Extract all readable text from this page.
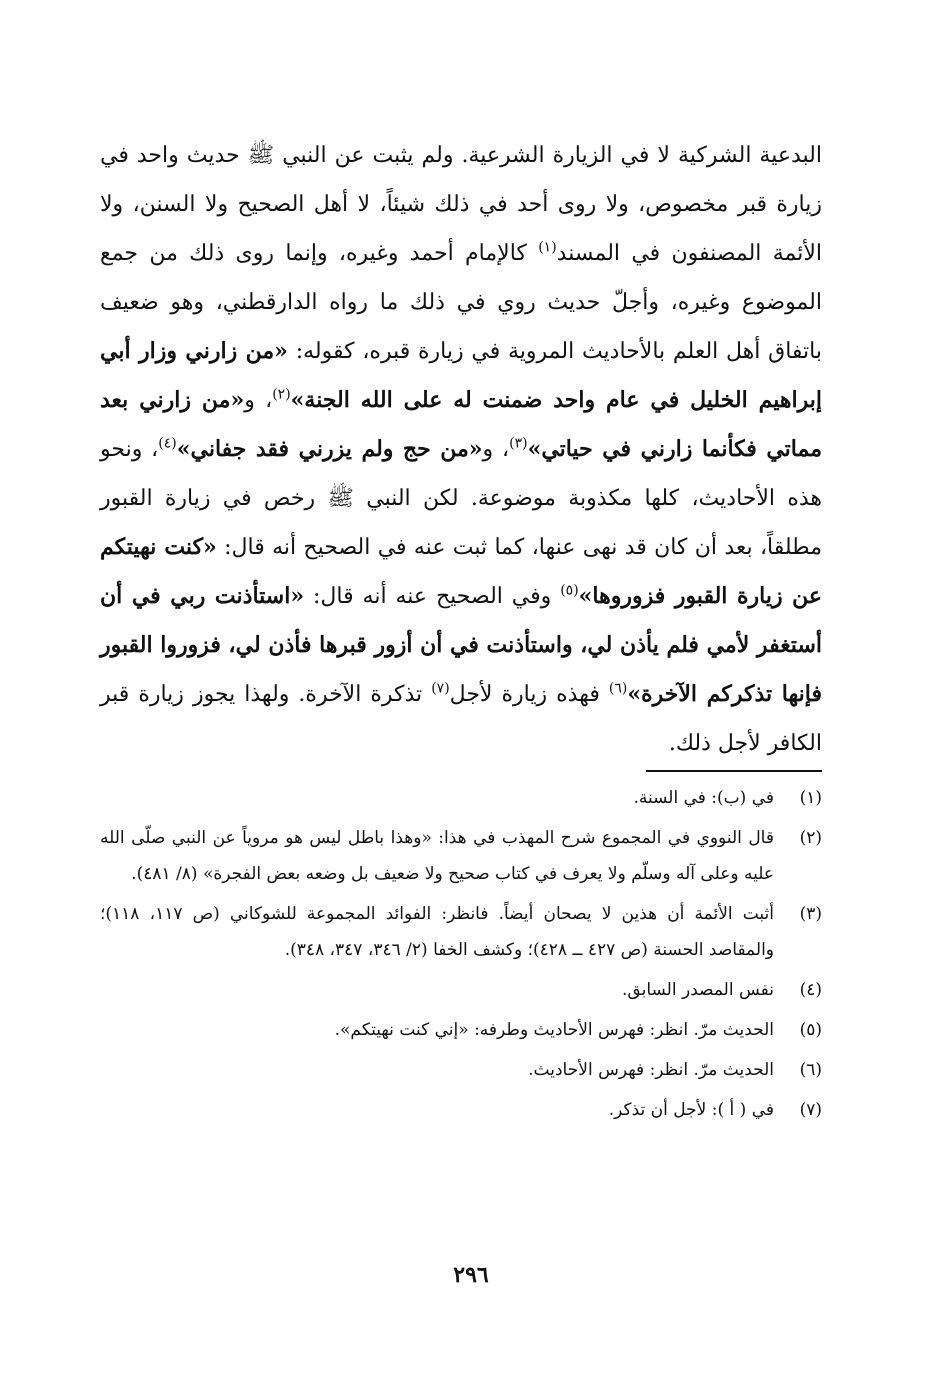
البدعية الشركية لا في الزيارة الشرعية. ولم يثبت عن النبي ﷺ حديث واحد في زيارة قبر مخصوص، ولا روى أحد في ذلك شيئاً، لا أهل الصحيح ولا السنن، ولا الأئمة المصنفون في المسند$^{(١)}$ كالإمام أحمد وغيره، وإنما روى ذلك من جمع الموضوع وغيره، وأجلّ حديث روي في ذلك ما رواه الدارقطني، وهو ضعيف باتفاق أهل العلم بالأحاديث المروية في زيارة قبره، كقوله: «من زارني وزار أبي إبراهيم الخليل في عام واحد ضمنت له على الله الجنة»$^{(٢)}$، و«من زارني بعد مماتي فكأنما زارني في حياتي»$^{(٣)}$، و«من حج ولم يزرني فقد جفاني»$^{(٤)}$، ونحو هذه الأحاديث، كلها مكذوبة موضوعة. لكن النبي ﷺ رخص في زيارة القبور مطلقاً، بعد أن كان قد نهى عنها، كما ثبت عنه في الصحيح أنه قال: «كنت نهيتكم عن زيارة القبور فزوروها»$^{(٥)}$ وفي الصحيح عنه أنه قال: «استأذنت ربي في أن أستغفر لأمي فلم يأذن لي، واستأذنت في أن أزور قبرها فأذن لي، فزوروا القبور فإنها تذكركم الآخرة»$^{(٦)}$ فهذه زيارة لأجل$^{(٧)}$ تذكرة الآخرة. ولهذا يجوز زيارة قبر الكافر لأجل ذلك.

(١)
في (ب): في السنة.
(٢)
قال النووي في المجموع شرح المهذب في هذا: «وهذا باطل ليس هو مروياً عن النبي صلّى الله عليه وعلى آله وسلّم ولا يعرف في كتاب صحيح ولا ضعيف بل وضعه بعض الفجرة» (٨/ ٤٨١).
(٣)
أثبت الأئمة أن هذين لا يصحان أيضاً. فانظر: الفوائد المجموعة للشوكاني (ص ١١٧، ١١٨)؛ والمقاصد الحسنة (ص ٤٢٧ ــ ٤٢٨)؛ وكشف الخفا (٢/ ٣٤٦، ٣٤٧، ٣٤٨).
(٤)
نفس المصدر السابق.
(٥)
الحديث مرّ. انظر: فهرس الأحاديث وطرفه: «إني كنت نهيتكم».
(٦)
الحديث مرّ. انظر: فهرس الأحاديث.
(٧)
في ( أ ): لأجل أن تذكر.
٢٩٦
